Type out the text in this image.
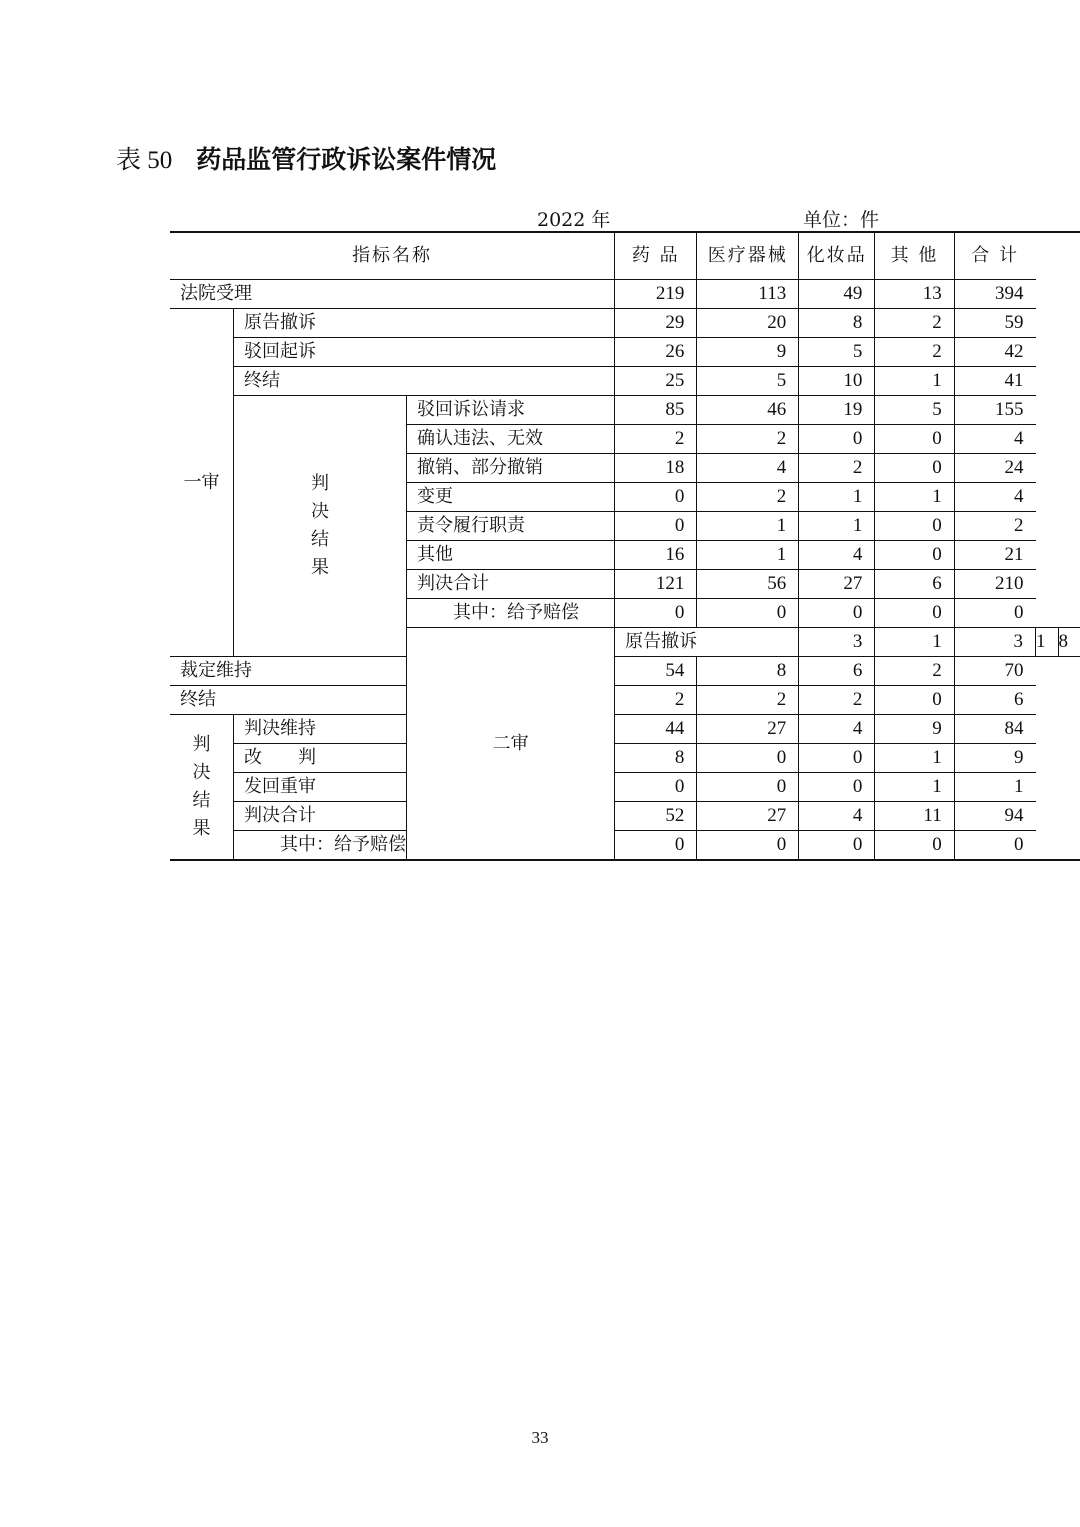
表 50 药品监管行政诉讼案件情况
2022 年	单位：件
指标名称			药 品	医疗器械	化妆品	其 他	合 计		
法院受理			219	113	49	13	394		
一审	原告撤诉		29	20	8	2	59		
	驳回起诉		26	9	5	2	42		
	终结		25	5	10	1	41		
	判决结果	驳回诉讼请求	85	46	19	5	155		
		确认违法、无效	2	2	0	0	4		
		撤销、部分撤销	18	4	2	0	24		
		变更	0	2	1	1	4		
		责令履行职责	0	1	1	0	2		
		其他	16	1	4	0	21		
		判决合计	121	56	27	6	210		
		其中：给予赔偿	0	0	0	0	0		
		二审	原告撤诉		3	1	3	1	8
裁定维持			54	8	6	2	70		
终结			2	2	2	0	6		
判决结果	判决维持		44	27	4	9	84		
	改　　判		8	0	0	1	9		
	发回重审		0	0	0	1	1		
	判决合计		52	27	4	11	94		
	其中：给予赔偿		0	0	0	0	0		
33
